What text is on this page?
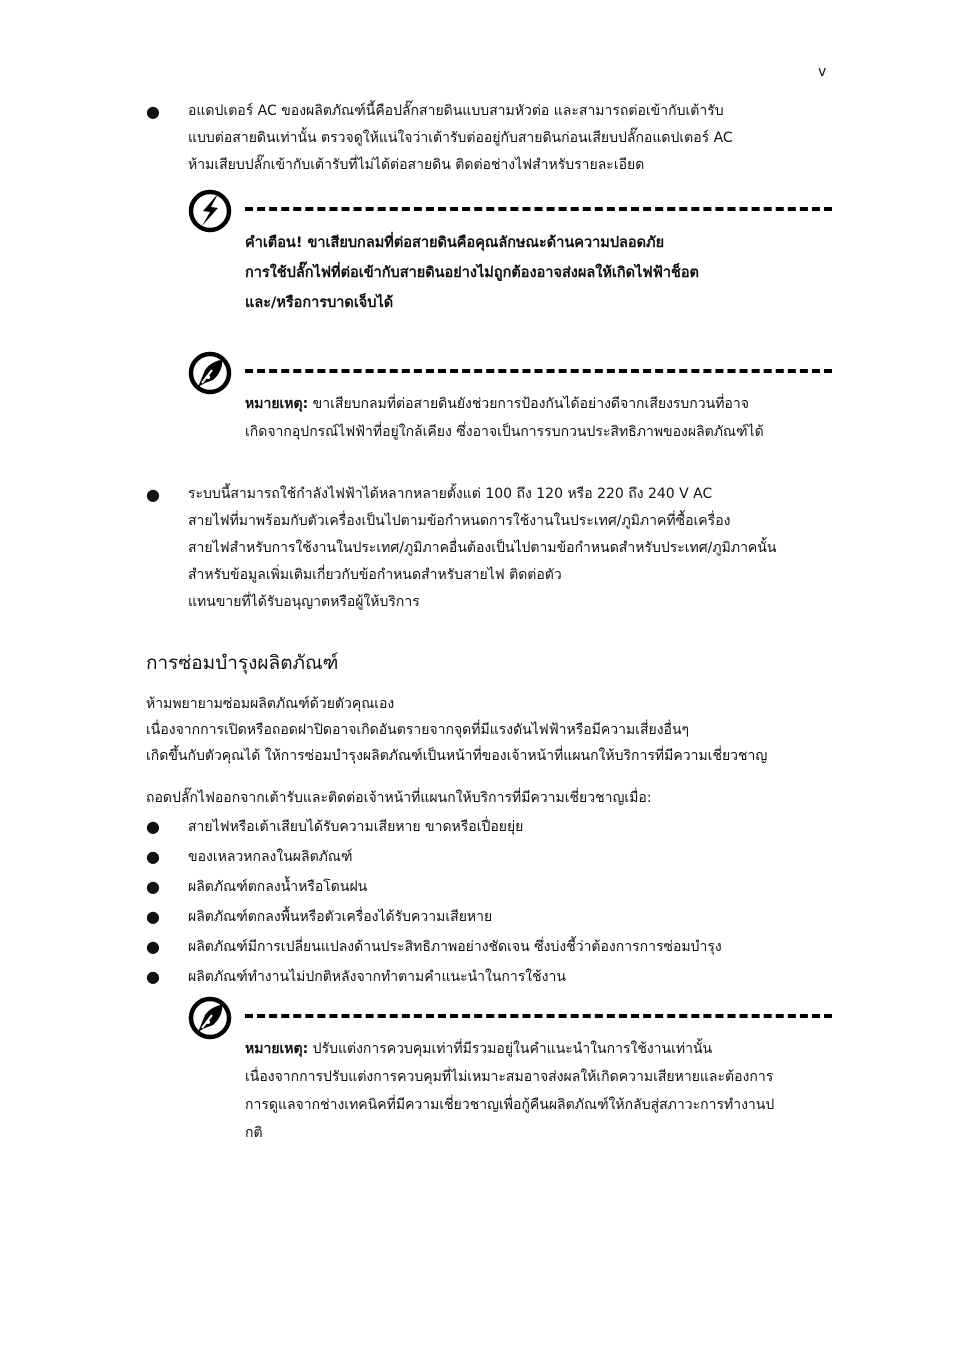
v
● อแดปเตอร์ AC ของผลิตภัณฑ์นี้คือปลั๊กสายดินแบบสามหัวต่อ และสามารถต่อเข้ากับเต้ารับ
แบบต่อสายดินเท่านั้น ตรวจดูให้แน่ใจว่าเต้ารับต่ออยู่กับสายดินก่อนเสียบปลั๊กอแดปเตอร์ AC
ห้ามเสียบปลั๊กเข้ากับเต้ารับที่ไม่ได้ต่อสายดิน ติดต่อช่างไฟสำหรับรายละเอียด
คำเตือน! ขาเสียบกลมที่ต่อสายดินคือคุณลักษณะด้านความปลอดภัย
การใช้ปลั๊กไฟที่ต่อเข้ากับสายดินอย่างไม่ถูกต้องอาจส่งผลให้เกิดไฟฟ้าช็อต
และ/หรือการบาดเจ็บได้
หมายเหตุ: ขาเสียบกลมที่ต่อสายดินยังช่วยการป้องกันได้อย่างดีจากเสียงรบกวนที่อาจ
เกิดจากอุปกรณ์ไฟฟ้าที่อยู่ใกล้เคียง ซึ่งอาจเป็นการรบกวนประสิทธิภาพของผลิตภัณฑ์ได้
● ระบบนี้สามารถใช้กำลังไฟฟ้าได้หลากหลายตั้งแต่ 100 ถึง 120 หรือ 220 ถึง 240 V AC
สายไฟที่มาพร้อมกับตัวเครื่องเป็นไปตามข้อกำหนดการใช้งานในประเทศ/ภูมิภาคที่ซื้อเครื่อง
สายไฟสำหรับการใช้งานในประเทศ/ภูมิภาคอื่นต้องเป็นไปตามข้อกำหนดสำหรับประเทศ/ภูมิภาคนั้น
สำหรับข้อมูลเพิ่มเติมเกี่ยวกับข้อกำหนดสำหรับสายไฟ ติดต่อตัว
แทนขายที่ได้รับอนุญาตหรือผู้ให้บริการ
การซ่อมบำรุงผลิตภัณฑ์
ห้ามพยายามซ่อมผลิตภัณฑ์ด้วยตัวคุณเอง
เนื่องจากการเปิดหรือถอดฝาปิดอาจเกิดอันตรายจากจุดที่มีแรงดันไฟฟ้าหรือมีความเสี่ยงอื่นๆ
เกิดขึ้นกับตัวคุณได้ ให้การซ่อมบำรุงผลิตภัณฑ์เป็นหน้าที่ของเจ้าหน้าที่แผนกให้บริการที่มีความเชี่ยวชาญ
ถอดปลั๊กไฟออกจากเต้ารับและติดต่อเจ้าหน้าที่แผนกให้บริการที่มีความเชี่ยวชาญเมื่อ:
● สายไฟหรือเต้าเสียบได้รับความเสียหาย ขาดหรือเปื่อยยุ่ย
● ของเหลวหกลงในผลิตภัณฑ์
● ผลิตภัณฑ์ตกลงน้ำหรือโดนฝน
● ผลิตภัณฑ์ตกลงพื้นหรือตัวเครื่องได้รับความเสียหาย
● ผลิตภัณฑ์มีการเปลี่ยนแปลงด้านประสิทธิภาพอย่างชัดเจน ซึ่งบ่งชี้ว่าต้องการการซ่อมบำรุง
● ผลิตภัณฑ์ทำงานไม่ปกติหลังจากทำตามคำแนะนำในการใช้งาน
หมายเหตุ: ปรับแต่งการควบคุมเท่าที่มีรวมอยู่ในคำแนะนำในการใช้งานเท่านั้น
เนื่องจากการปรับแต่งการควบคุมที่ไม่เหมาะสมอาจส่งผลให้เกิดความเสียหายและต้องการ
การดูแลจากช่างเทคนิคที่มีความเชี่ยวชาญเพื่อกู้คืนผลิตภัณฑ์ให้กลับสู่สภาวะการทำงานป
กติ
